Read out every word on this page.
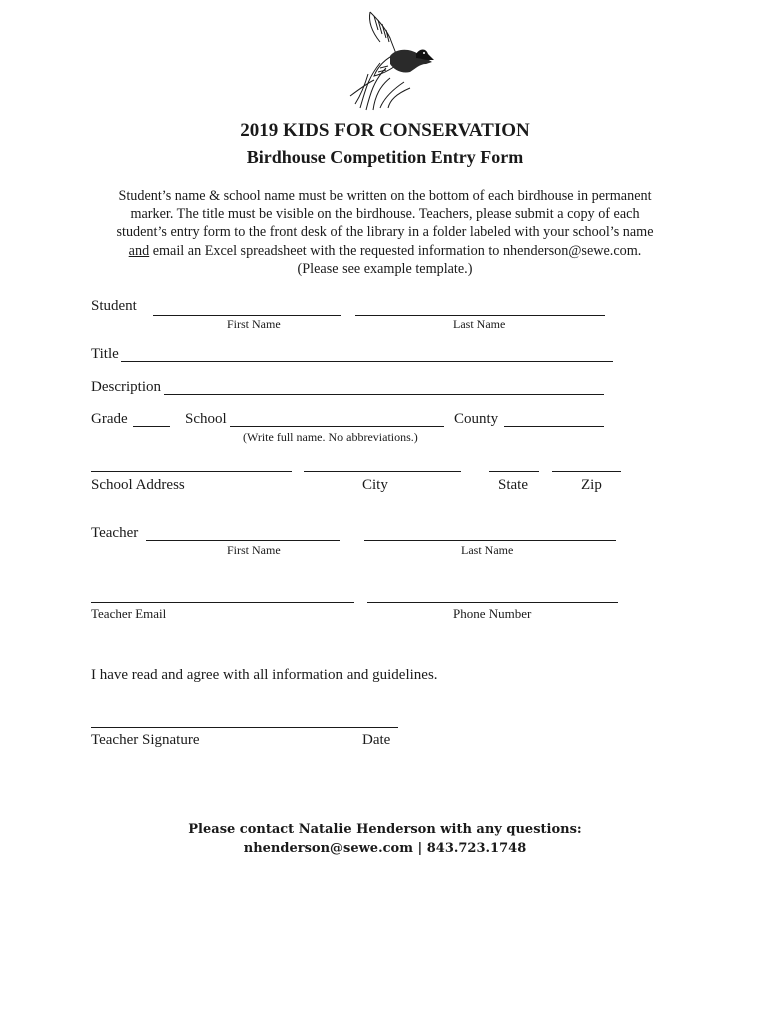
2019 KIDS FOR CONSERVATION
Birdhouse Competition Entry Form
Student’s name & school name must be written on the bottom of each birdhouse in permanent
marker. The title must be visible on the birdhouse. Teachers, please submit a copy of each
student’s entry form to the front desk of the library in a folder labeled with your school’s name
and email an Excel spreadsheet with the requested information to nhenderson@sewe.com.
(Please see example template.)
Student
First Name	Last Name
Title
Description
Grade	School
(Write full name. No abbreviations.)
County
School Address	City	State	Zip
Teacher
First Name	Last Name
Teacher Email	Phone Number
I have read and agree with all information and guidelines.
Teacher Signature	Date
Please contact Natalie Henderson with any questions:
nhenderson@sewe.com | 843.723.1748
